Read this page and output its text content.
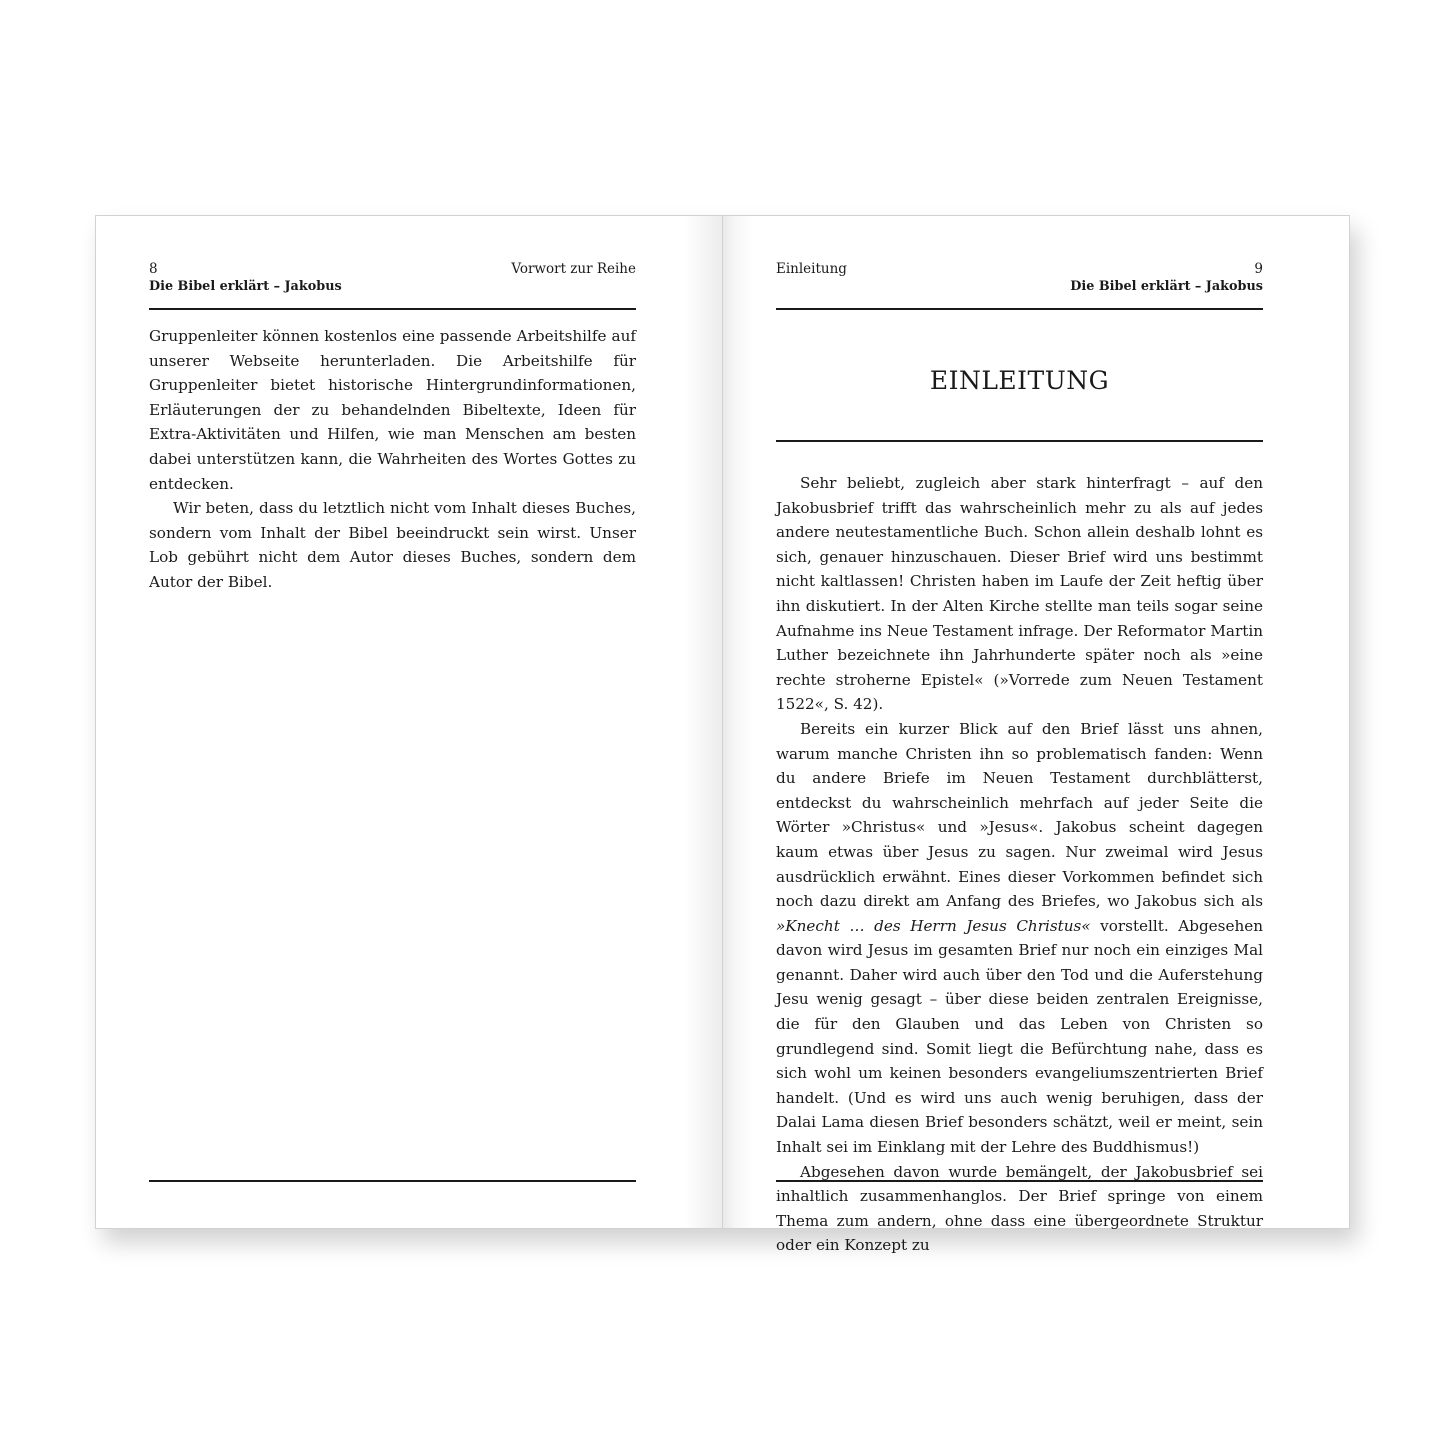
8	Vorwort zur Reihe
Die Bibel erklärt – Jakobus

Gruppenleiter können kostenlos eine passende Arbeitshilfe auf unserer Webseite herunterladen. Die Arbeitshilfe für Gruppenleiter bietet historische Hintergrundinformationen, Erläuterungen der zu behandelnden Bibeltexte, Ideen für Extra-Aktivitäten und Hilfen, wie man Menschen am besten dabei unterstützen kann, die Wahrheiten des Wortes Gottes zu entdecken.

Wir beten, dass du letztlich nicht vom Inhalt dieses Buches, sondern vom Inhalt der Bibel beeindruckt sein wirst. Unser Lob gebührt nicht dem Autor dieses Buches, sondern dem Autor der Bibel.

Einleitung	9
Die Bibel erklärt – Jakobus
EINLEITUNG

Sehr beliebt, zugleich aber stark hinterfragt – auf den Jakobusbrief trifft das wahrscheinlich mehr zu als auf jedes andere neutestamentliche Buch. Schon allein deshalb lohnt es sich, genauer hinzuschauen. Dieser Brief wird uns bestimmt nicht kaltlassen! Christen haben im Laufe der Zeit heftig über ihn diskutiert. In der Alten Kirche stellte man teils sogar seine Aufnahme ins Neue Testament infrage. Der Reformator Martin Luther bezeichnete ihn Jahrhunderte später noch als »eine rechte stroherne Epistel« (»Vorrede zum Neuen Testament 1522«, S. 42).

Bereits ein kurzer Blick auf den Brief lässt uns ahnen, warum manche Christen ihn so problematisch fanden: Wenn du andere Briefe im Neuen Testament durchblätterst, entdeckst du wahrscheinlich mehrfach auf jeder Seite die Wörter »Christus« und »Jesus«. Jakobus scheint dagegen kaum etwas über Jesus zu sagen. Nur zweimal wird Jesus ausdrücklich erwähnt. Eines dieser Vorkommen befindet sich noch dazu direkt am Anfang des Briefes, wo Jakobus sich als »Knecht … des Herrn Jesus Christus« vorstellt. Abgesehen davon wird Jesus im gesamten Brief nur noch ein einziges Mal genannt. Daher wird auch über den Tod und die Auferstehung Jesu wenig gesagt – über diese beiden zentralen Ereignisse, die für den Glauben und das Leben von Christen so grundlegend sind. Somit liegt die Befürchtung nahe, dass es sich wohl um keinen besonders evangeliumszentrierten Brief handelt. (Und es wird uns auch wenig beruhigen, dass der Dalai Lama diesen Brief besonders schätzt, weil er meint, sein Inhalt sei im Einklang mit der Lehre des Buddhismus!)

Abgesehen davon wurde bemängelt, der Jakobusbrief sei inhaltlich zusammenhanglos. Der Brief springe von einem Thema zum andern, ohne dass eine übergeordnete Struktur oder ein Konzept zu
